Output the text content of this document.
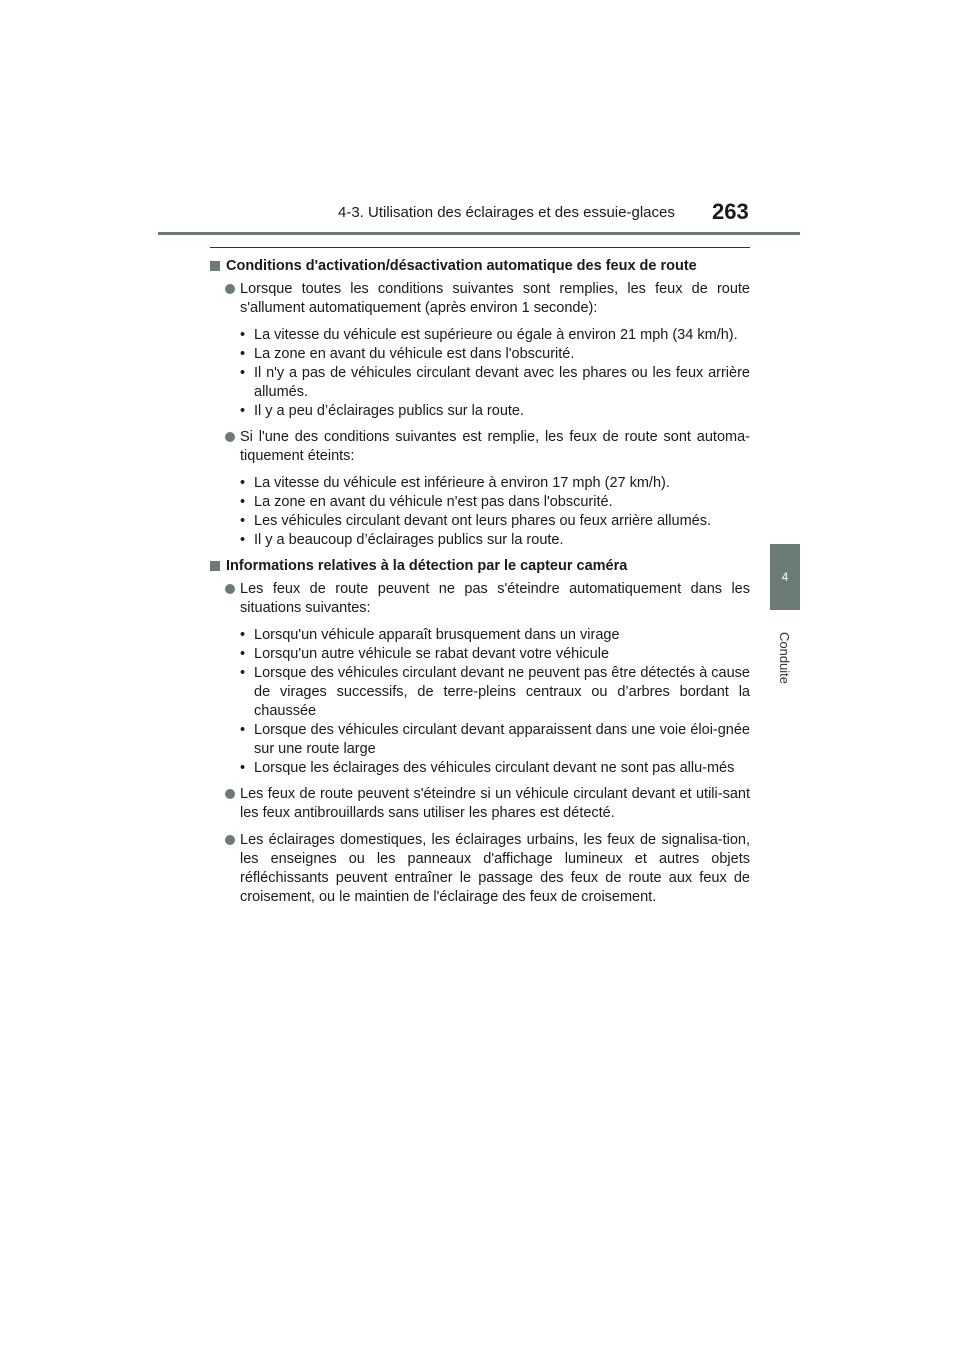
4-3. Utilisation des éclairages et des essuie-glaces 263
4
Conduite
Conditions d'activation/désactivation automatique des feux de route
Lorsque toutes les conditions suivantes sont remplies, les feux de route s'allument automatiquement (après environ 1 seconde):
• La vitesse du véhicule est supérieure ou égale à environ 21 mph (34 km/h).
• La zone en avant du véhicule est dans l'obscurité.
• Il n'y a pas de véhicules circulant devant avec les phares ou les feux arrière allumés.
• Il y a peu d’éclairages publics sur la route.
Si l'une des conditions suivantes est remplie, les feux de route sont automa-tiquement éteints:
• La vitesse du véhicule est inférieure à environ 17 mph (27 km/h).
• La zone en avant du véhicule n'est pas dans l'obscurité.
• Les véhicules circulant devant ont leurs phares ou feux arrière allumés.
• Il y a beaucoup d’éclairages publics sur la route.
Informations relatives à la détection par le capteur caméra
Les feux de route peuvent ne pas s'éteindre automatiquement dans les situations suivantes:
• Lorsqu'un véhicule apparaît brusquement dans un virage
• Lorsqu'un autre véhicule se rabat devant votre véhicule
• Lorsque des véhicules circulant devant ne peuvent pas être détectés à cause de virages successifs, de terre-pleins centraux ou d’arbres bordant la chaussée
• Lorsque des véhicules circulant devant apparaissent dans une voie éloi-gnée sur une route large
• Lorsque les éclairages des véhicules circulant devant ne sont pas allu-més
Les feux de route peuvent s'éteindre si un véhicule circulant devant et utili-sant les feux antibrouillards sans utiliser les phares est détecté.
Les éclairages domestiques, les éclairages urbains, les feux de signalisa-tion, les enseignes ou les panneaux d'affichage lumineux et autres objets réfléchissants peuvent entraîner le passage des feux de route aux feux de croisement, ou le maintien de l'éclairage des feux de croisement.
